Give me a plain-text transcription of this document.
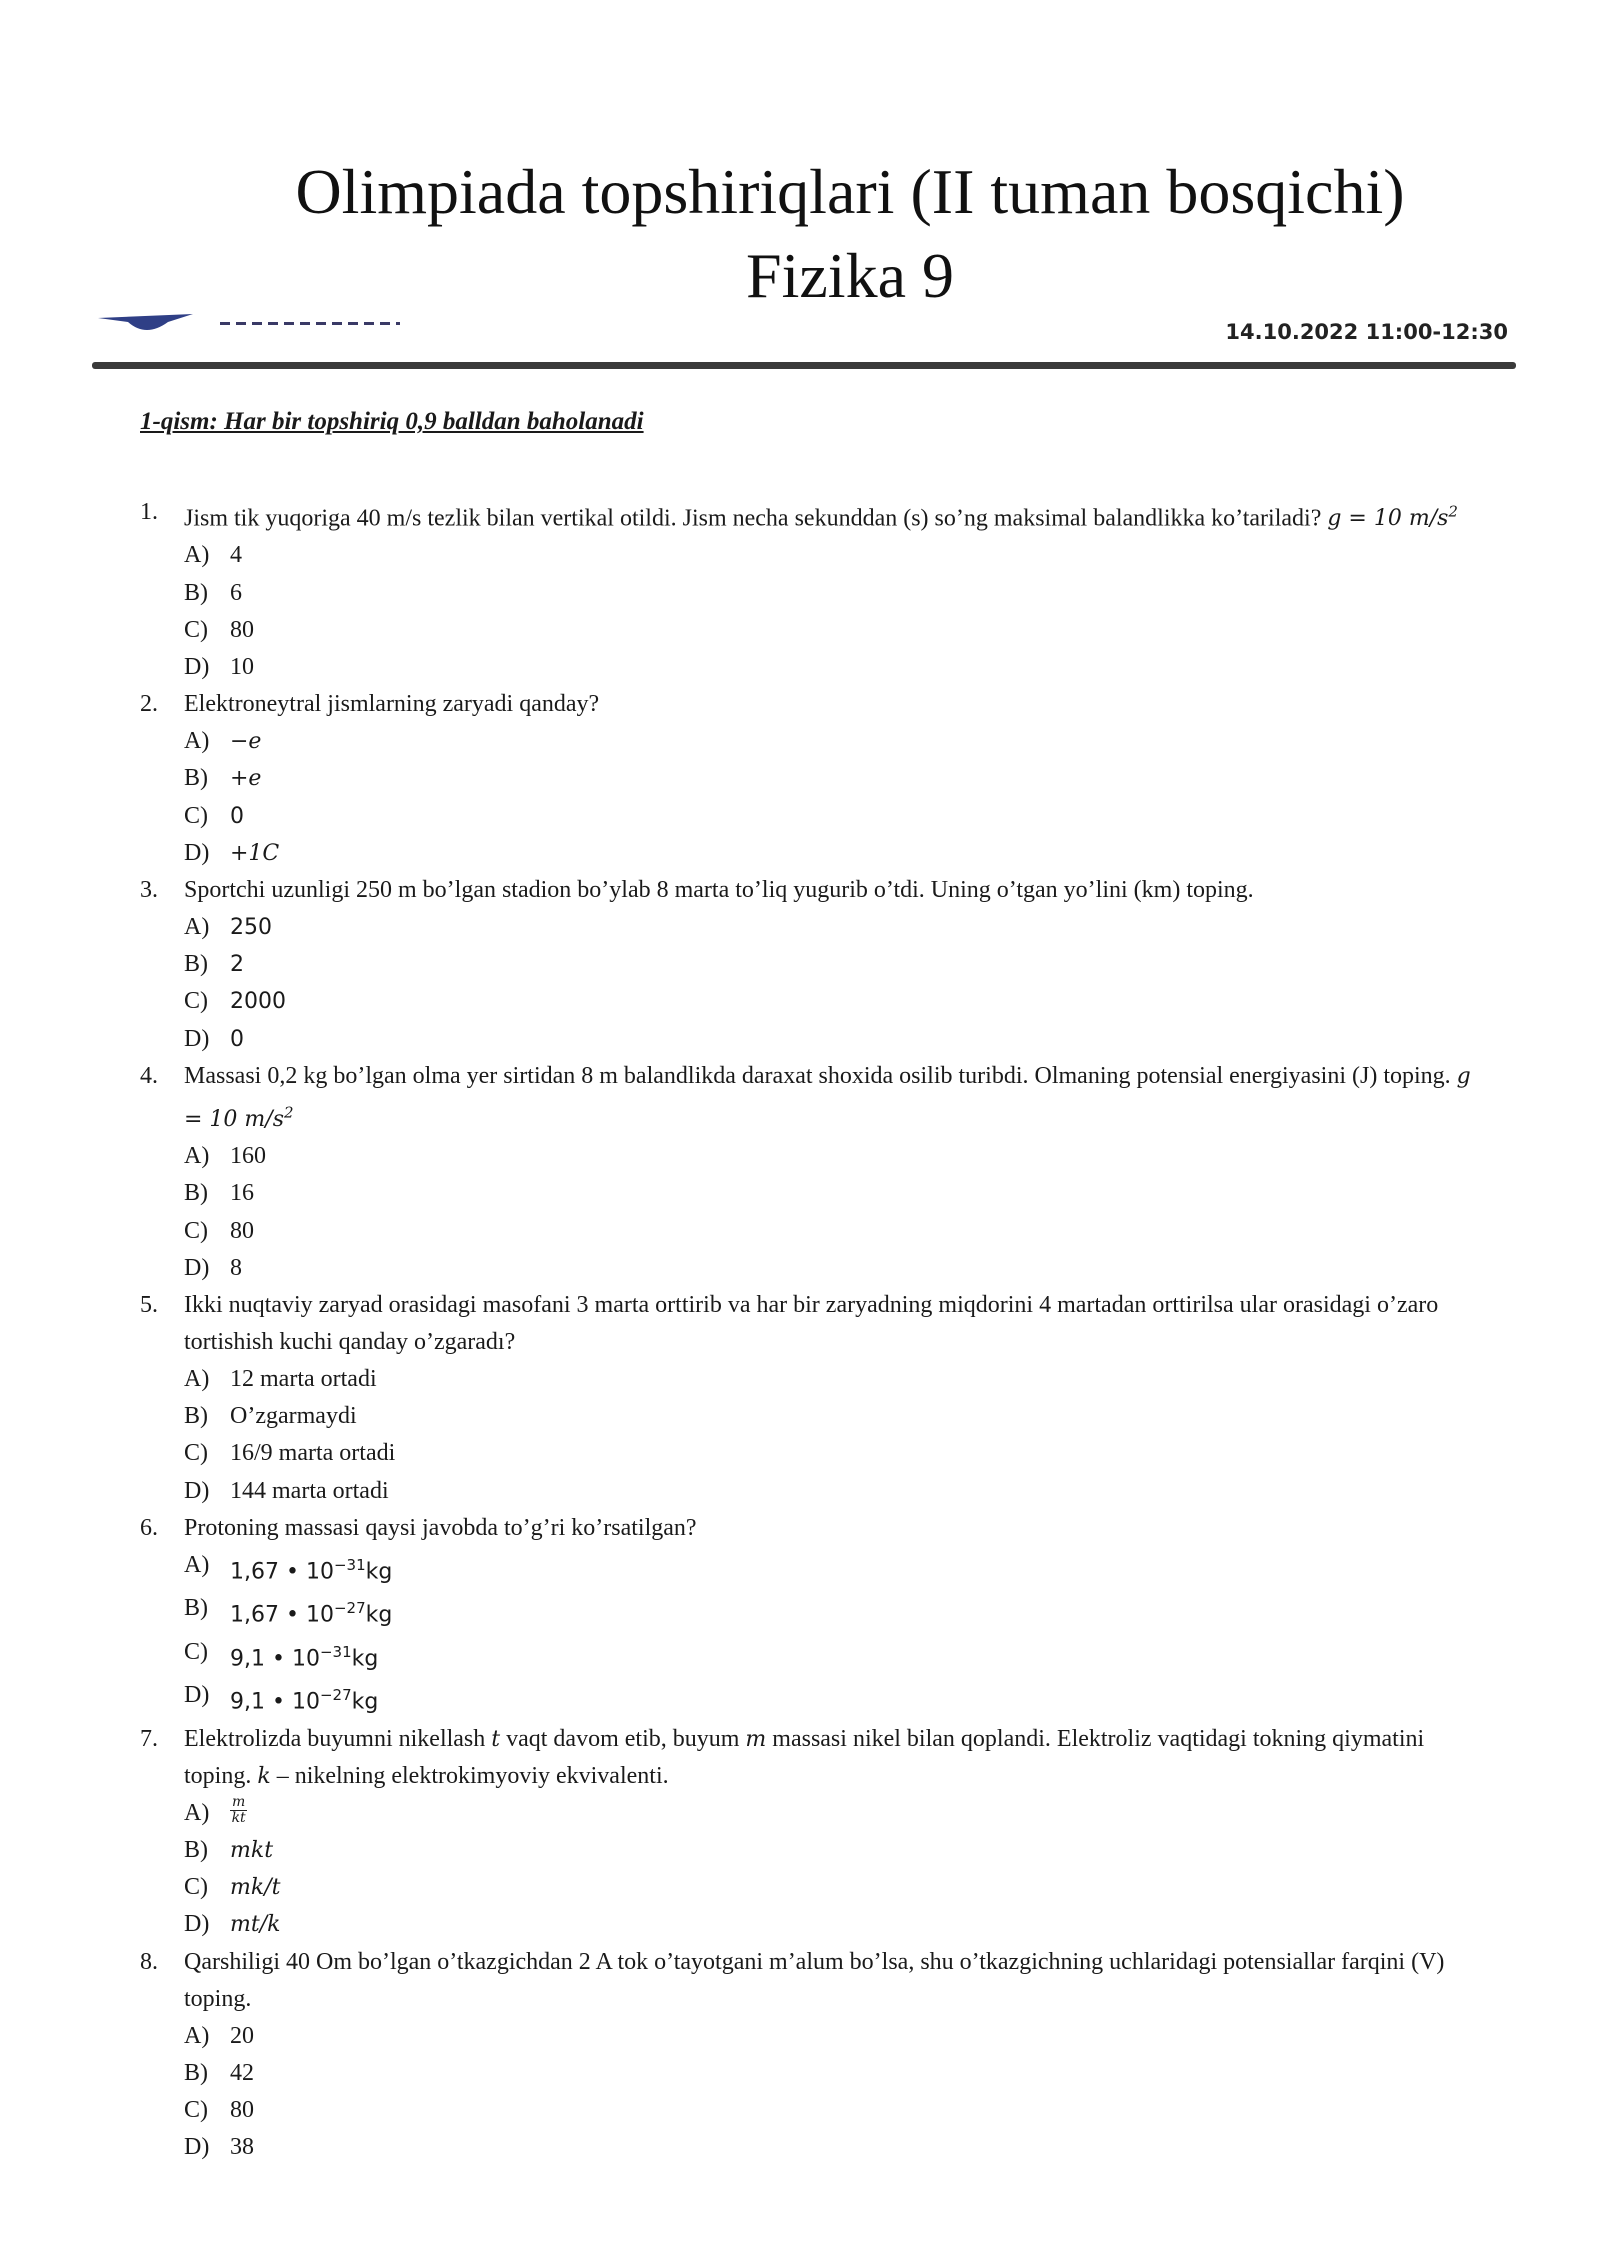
Olimpiada topshiriqlari (II tuman bosqichi)
Fizika 9
14.10.2022 11:00-12:30
1-qism: Har bir topshiriq 0,9 balldan baholanadi
1.	Jism tik yuqoriga 40 m/s tezlik bilan vertikal otildi. Jism necha sekunddan (s) so’ng maksimal balandlikka ko’tariladi? g = 10 $m/s^2$
A) 4
B) 6
C) 80
D) 10
2.	Elektroneytral jismlarning zaryadi qanday?
A) −e
B)	+e
C)	0
D) +1C
3.	Sportchi uzunligi 250 m bo’lgan stadion bo’ylab 8 marta to’liq yugurib o’tdi. Uning o’tgan yo’lini (km) toping.
A) 250
B)	2
C)	2000
D) 0
4.	Massasi 0,2 kg bo’lgan olma yer sirtidan 8 m balandlikda daraxat shoxida osilib turibdi. Olmaning potensial energiyasini (J) toping. g = 10 $m/s^2$
A) 160
B) 16
C) 80
D) 8
5.	Ikki nuqtaviy zaryad orasidagi masofani 3 marta orttirib va har bir zaryadning miqdorini 4 martadan orttirilsa ular orasidagi o’zaro tortishish kuchi qanday o’zgaradı?
A) 12 marta ortadi
B) O’zgarmaydi
C) 16/9 marta ortadi
D) 144 marta ortadi
6.	Protoning massasi qaysi javobda to’g’ri ko’rsatilgan?
A) 1,67 • $10^{-31}kg$
B)	1,67 • $10^{-27}kg$
C)	9,1 • $10^{-31}kg$
D) 9,1 • $10^{-27}kg$
7.	Elektrolizda buyumni nikellash t vaqt davom etib, buyum m massasi nikel bilan qoplandi. Elektroliz vaqtidagi tokning qiymatini toping. k – nikelning elektrokimyoviy ekvivalenti.
A)	$\frac{m}{kt}$
B)	mkt
C)	mk/t
D) mt/k
8.	Qarshiligi 40 Om bo’lgan o’tkazgichdan 2 A tok o’tayotgani m’alum bo’lsa, shu o’tkazgichning uchlaridagi potensiallar farqini (V) toping.
A) 20
B) 42
C) 80
D) 38
